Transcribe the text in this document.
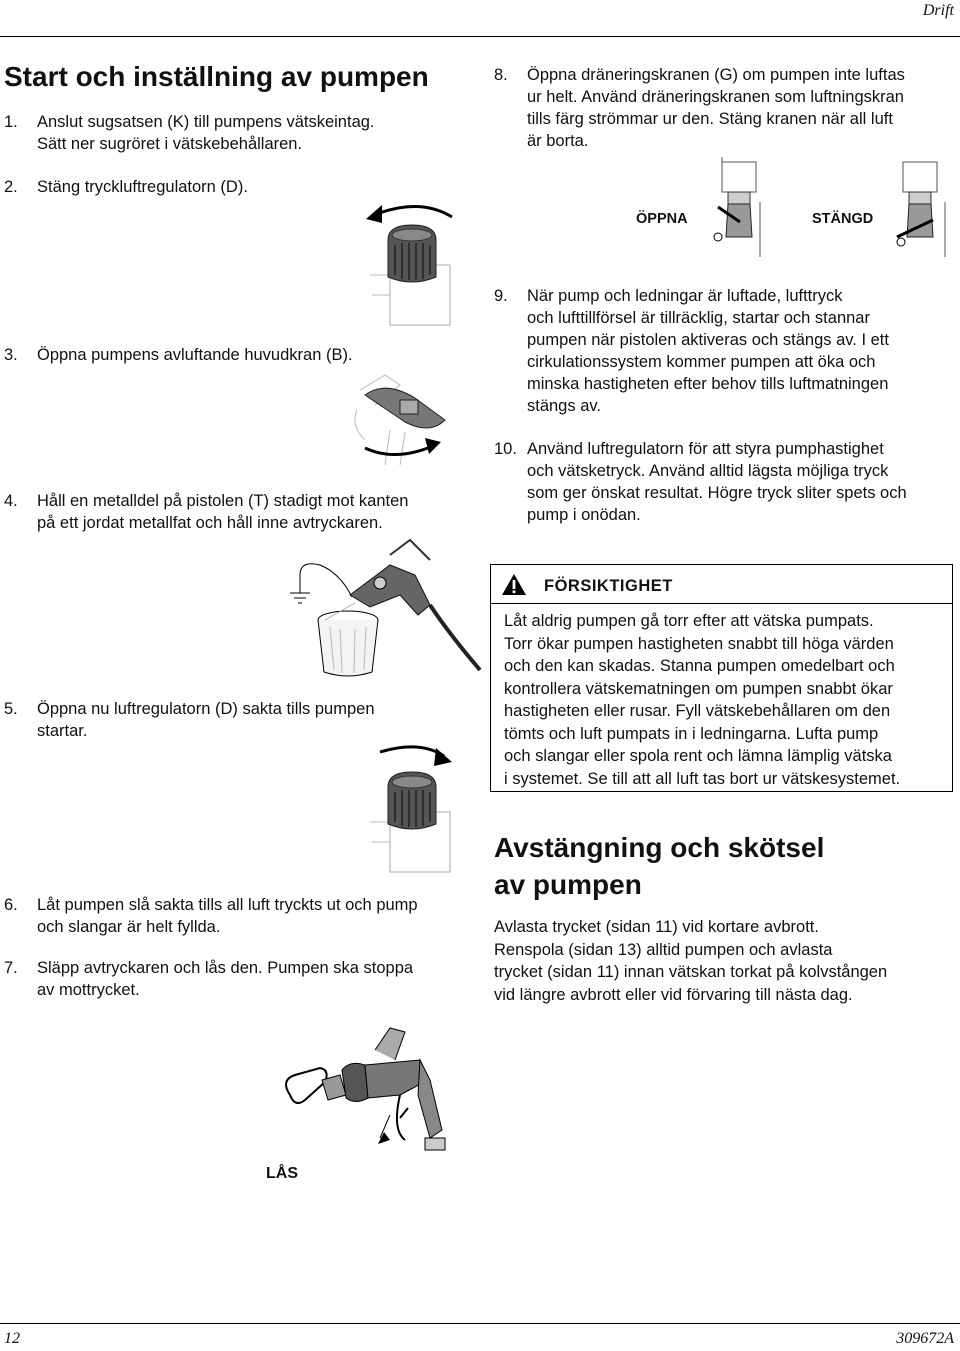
Drift
12	309672A
Start och inställning av pumpen
1. Anslut sugsatsen (K) till pumpens vätskeintag.
Sätt ner sugröret i vätskebehållaren.
2. Stäng tryckluftregulatorn (D).
3. Öppna pumpens avluftande huvudkran (B).
4. Håll en metalldel på pistolen (T) stadigt mot kanten
på ett jordat metallfat och håll inne avtryckaren.
5. Öppna nu luftregulatorn (D) sakta tills pumpen
startar.
6. Låt pumpen slå sakta tills all luft tryckts ut och pump
och slangar är helt fyllda.
7. Släpp avtryckaren och lås den. Pumpen ska stoppa
av mottrycket.
8. Öppna dräneringskranen (G) om pumpen inte luftas
ur helt. Använd dräneringskranen som luftningskran
tills färg strömmar ur den. Stäng kranen när all luft
är borta.
9. När pump och ledningar är luftade, lufttryck
och lufttillförsel är tillräcklig, startar och stannar
pumpen när pistolen aktiveras och stängs av. I ett
cirkulationssystem kommer pumpen att öka och
minska hastigheten efter behov tills luftmatningen
stängs av.
10. Använd luftregulatorn för att styra pumphastighet
och vätsketryck. Använd alltid lägsta möjliga tryck
som ger önskat resultat. Högre tryck sliter spets och
pump i onödan.
FÖRSIKTIGHET
Låt aldrig pumpen gå torr efter att vätska pumpats.
Torr ökar pumpen hastigheten snabbt till höga värden
och den kan skadas. Stanna pumpen omedelbart och
kontrollera vätskematningen om pumpen snabbt ökar
hastigheten eller rusar. Fyll vätskebehållaren om den
tömts och luft pumpats in i ledningarna. Lufta pump
och slangar eller spola rent och lämna lämplig vätska
i systemet. Se till att all luft tas bort ur vätskesystemet.
Avstängning och skötsel
av pumpen
Avlasta trycket (sidan 11) vid kortare avbrott.
Renspola (sidan 13) alltid pumpen och avlasta
trycket (sidan 11) innan vätskan torkat på kolvstången
vid längre avbrott eller vid förvaring till nästa dag.
ÖPPNA	STÄNGD
LÅS
